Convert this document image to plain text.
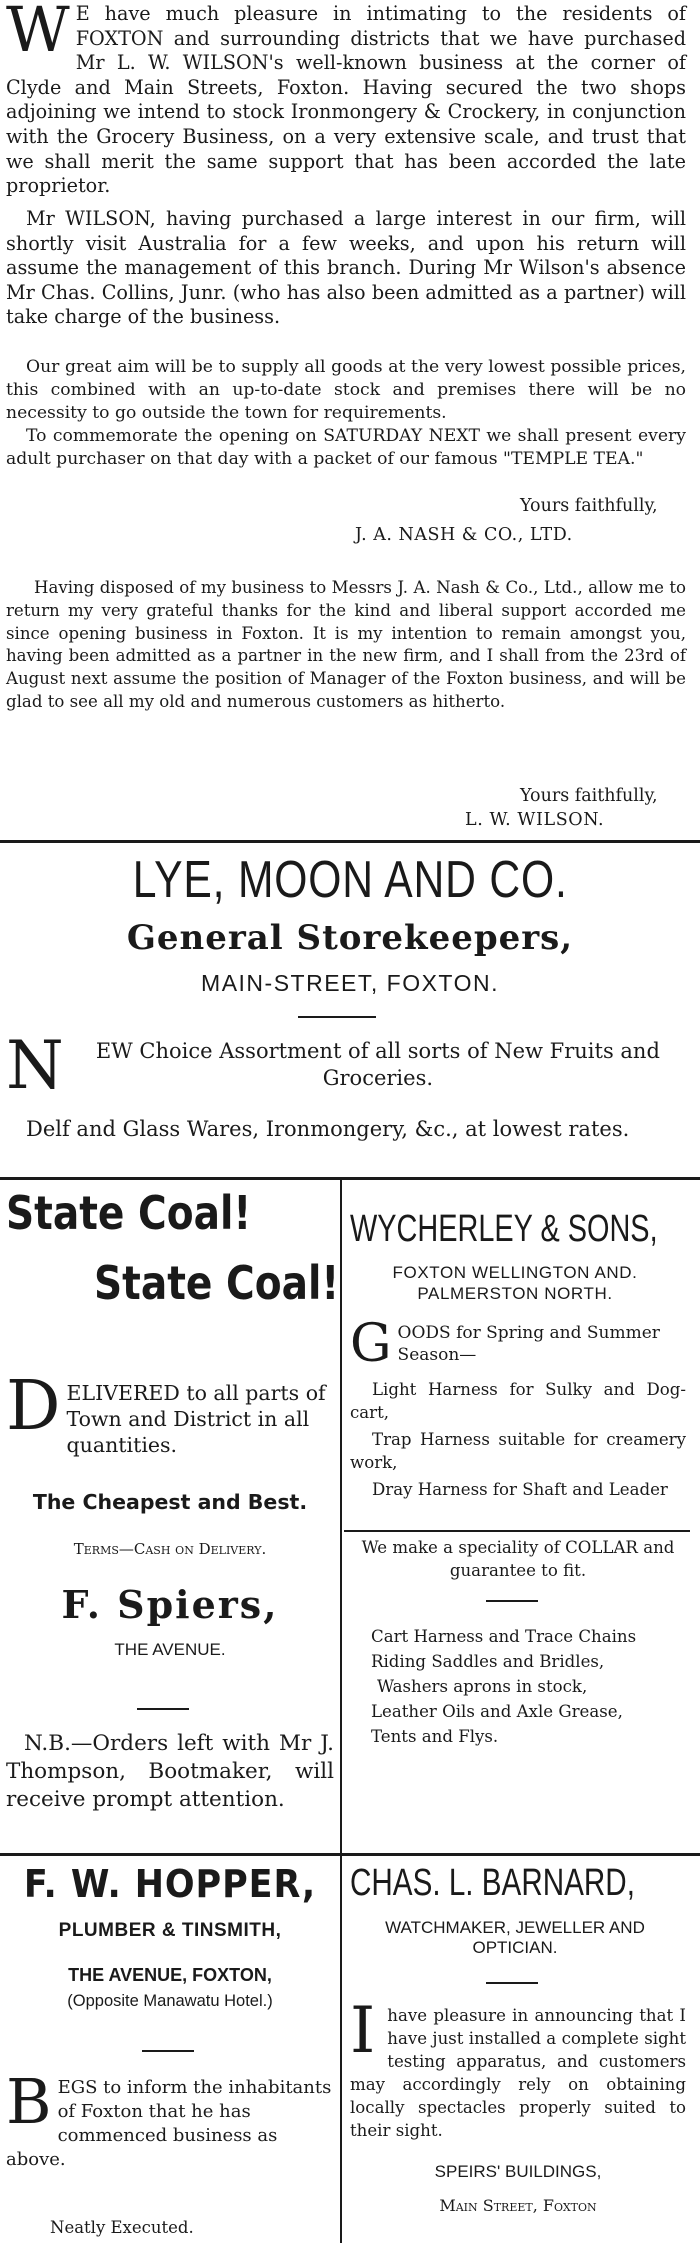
W E have much pleasure in intimating to the residents of FOXTON and surrounding districts that we have purchased Mr L. W. WILSON's well-known business at the corner of Clyde and Main Streets, Foxton. Having secured the two shops adjoining we intend to stock Ironmongery & Crockery, in conjunction with the Grocery Business, on a very extensive scale, and trust that we shall merit the same support that has been accorded the late proprietor.

Mr WILSON, having purchased a large interest in our firm, will shortly visit Australia for a few weeks, and upon his return will assume the management of this branch. During Mr Wilson's absence Mr Chas. Collins, Junr. (who has also been admitted as a partner) will take charge of the business.

Our great aim will be to supply all goods at the very lowest possible prices, this combined with an up-to-date stock and premises there will be no necessity to go outside the town for requirements.

To commemorate the opening on SATURDAY NEXT we shall present every adult purchaser on that day with a packet of our famous "TEMPLE TEA."

Yours faithfully,
J. A. NASH & CO., LTD.

Having disposed of my business to Messrs J. A. Nash & Co., Ltd., allow me to return my very grateful thanks for the kind and liberal support accorded me since opening business in Foxton. It is my intention to remain amongst you, having been admitted as a partner in the new firm, and I shall from the 23rd of August next assume the position of Manager of the Foxton business, and will be glad to see all my old and numerous customers as hitherto.

Yours faithfully,
L. W. WILSON.
LYE, MOON AND CO.
General Storekeepers,
MAIN-STREET, FOXTON.
N	EW Choice Assortment of all sorts of New Fruits and Groceries.

Delf and Glass Wares, Ironmongery, &c., at lowest rates.
State Coal!
State Coal!
D ELIVERED to all parts of Town and District in all quantities.

The Cheapest and Best.
Terms—Cash on Delivery.
F. Spiers,
THE AVENUE.
N.B.—Orders left with Mr J. Thompson, Bootmaker, will receive prompt attention.
F. W. HOPPER,
PLUMBER & TINSMITH,
THE AVENUE, FOXTON,
(Opposite Manawatu Hotel.)
B EGS to inform the inhabitants of Foxton that he has commenced business as above.

Neatly Executed.
WYCHERLEY & SONS,
FOXTON WELLINGTON AND. PALMERSTON NORTH.
G OODS for Spring and Summer Season—

Light Harness for Sulky and Dog-cart,
Trap Harness suitable for creamery work,
Dray Harness for Shaft and Leader
We make a speciality of COLLAR and guarantee to fit.
Cart Harness and Trace Chains
Riding Saddles and Bridles,
Washers aprons in stock,
Leather Oils and Axle Grease,
Tents and Flys.
CHAS. L. BARNARD,
WATCHMAKER, JEWELLER AND OPTICIAN.
I have pleasure in announcing that I have just installed a complete sight testing apparatus, and customers may accordingly rely on obtaining locally spectacles properly suited to their sight.

SPEIRS' BUILDINGS,
Main Street, Foxton
